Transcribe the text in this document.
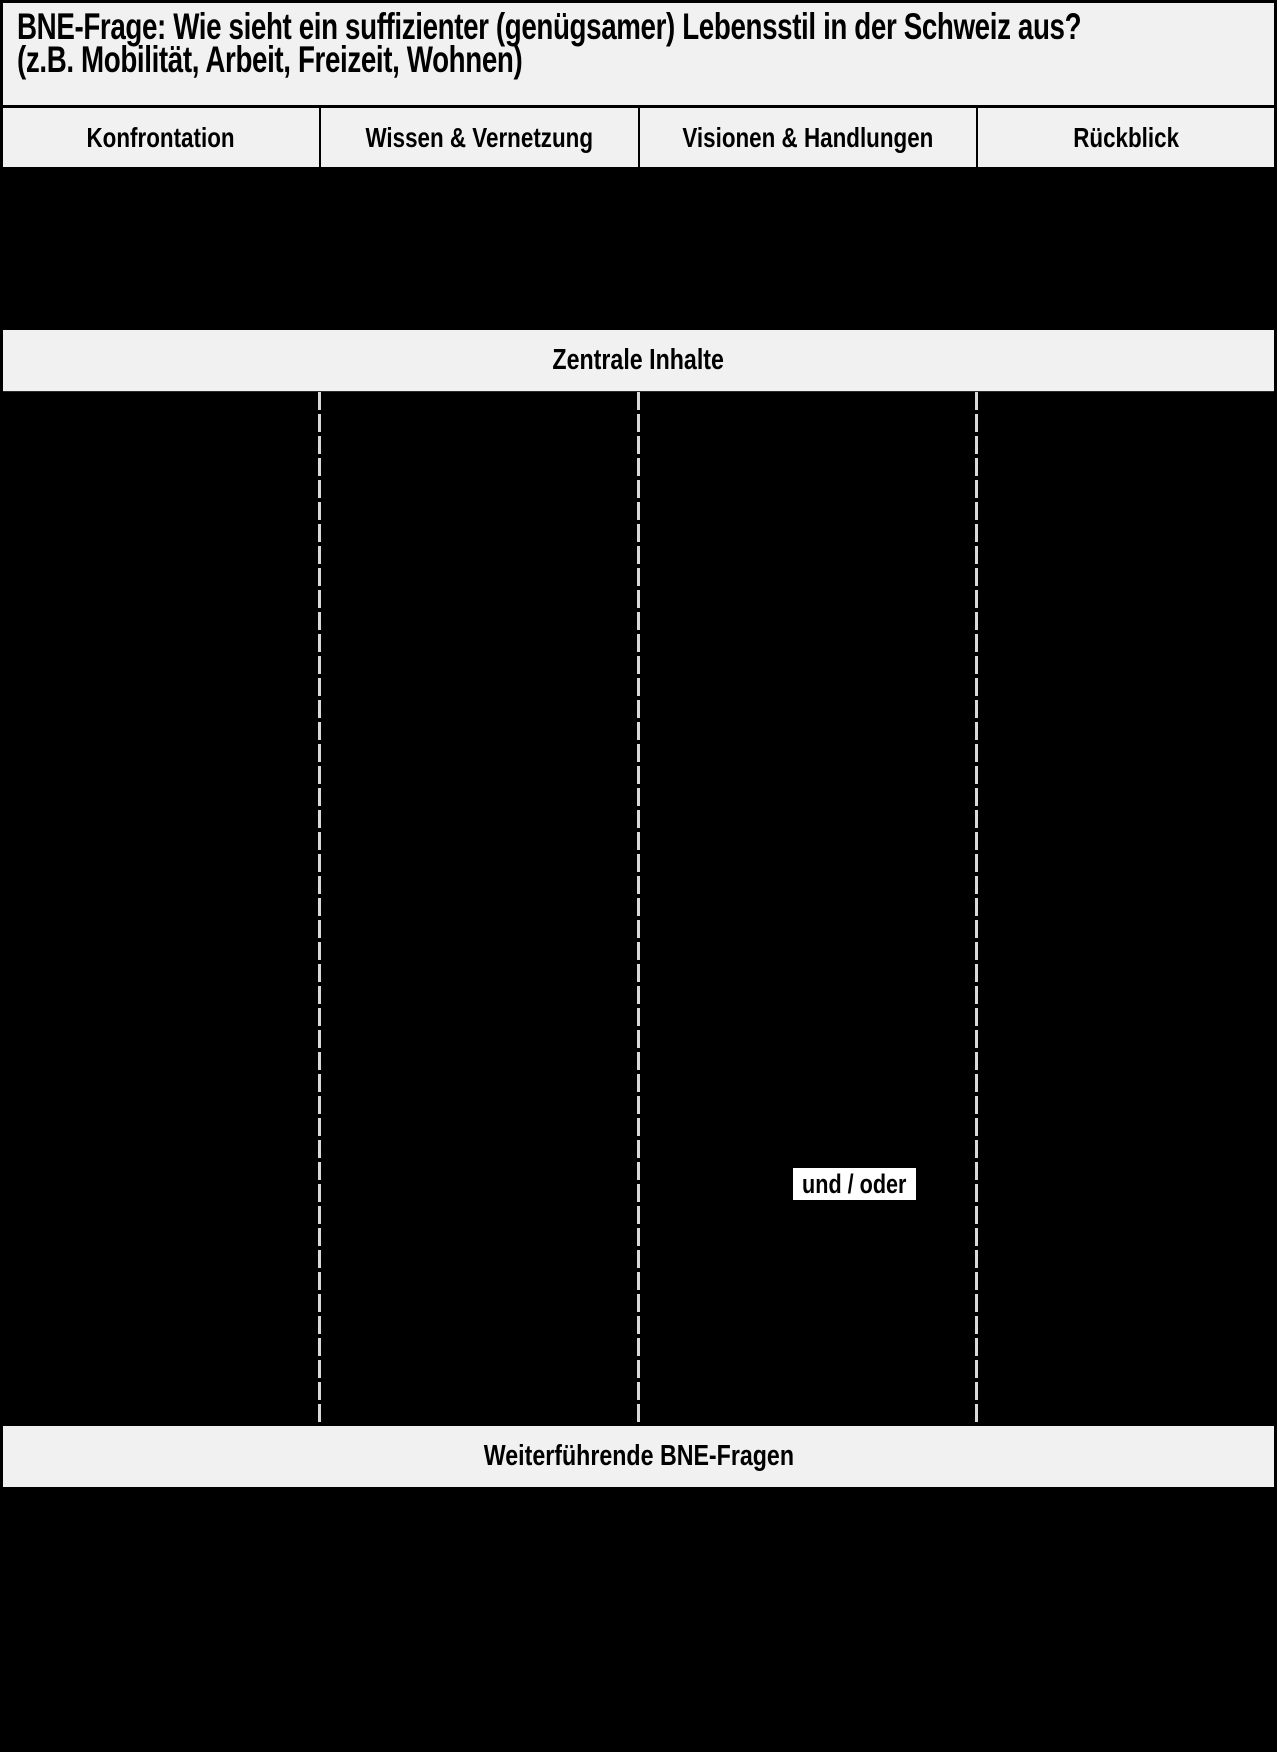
BNE-Frage: Wie sieht ein suffizienter (genügsamer) Lebensstil in der Schweiz aus?
(z.B. Mobilität, Arbeit, Freizeit, Wohnen)
Konfrontation	Wissen & Vernetzung	Visionen & Handlungen	Rückblick
Zentrale Inhalte
und / oder
Weiterführende BNE-Fragen
